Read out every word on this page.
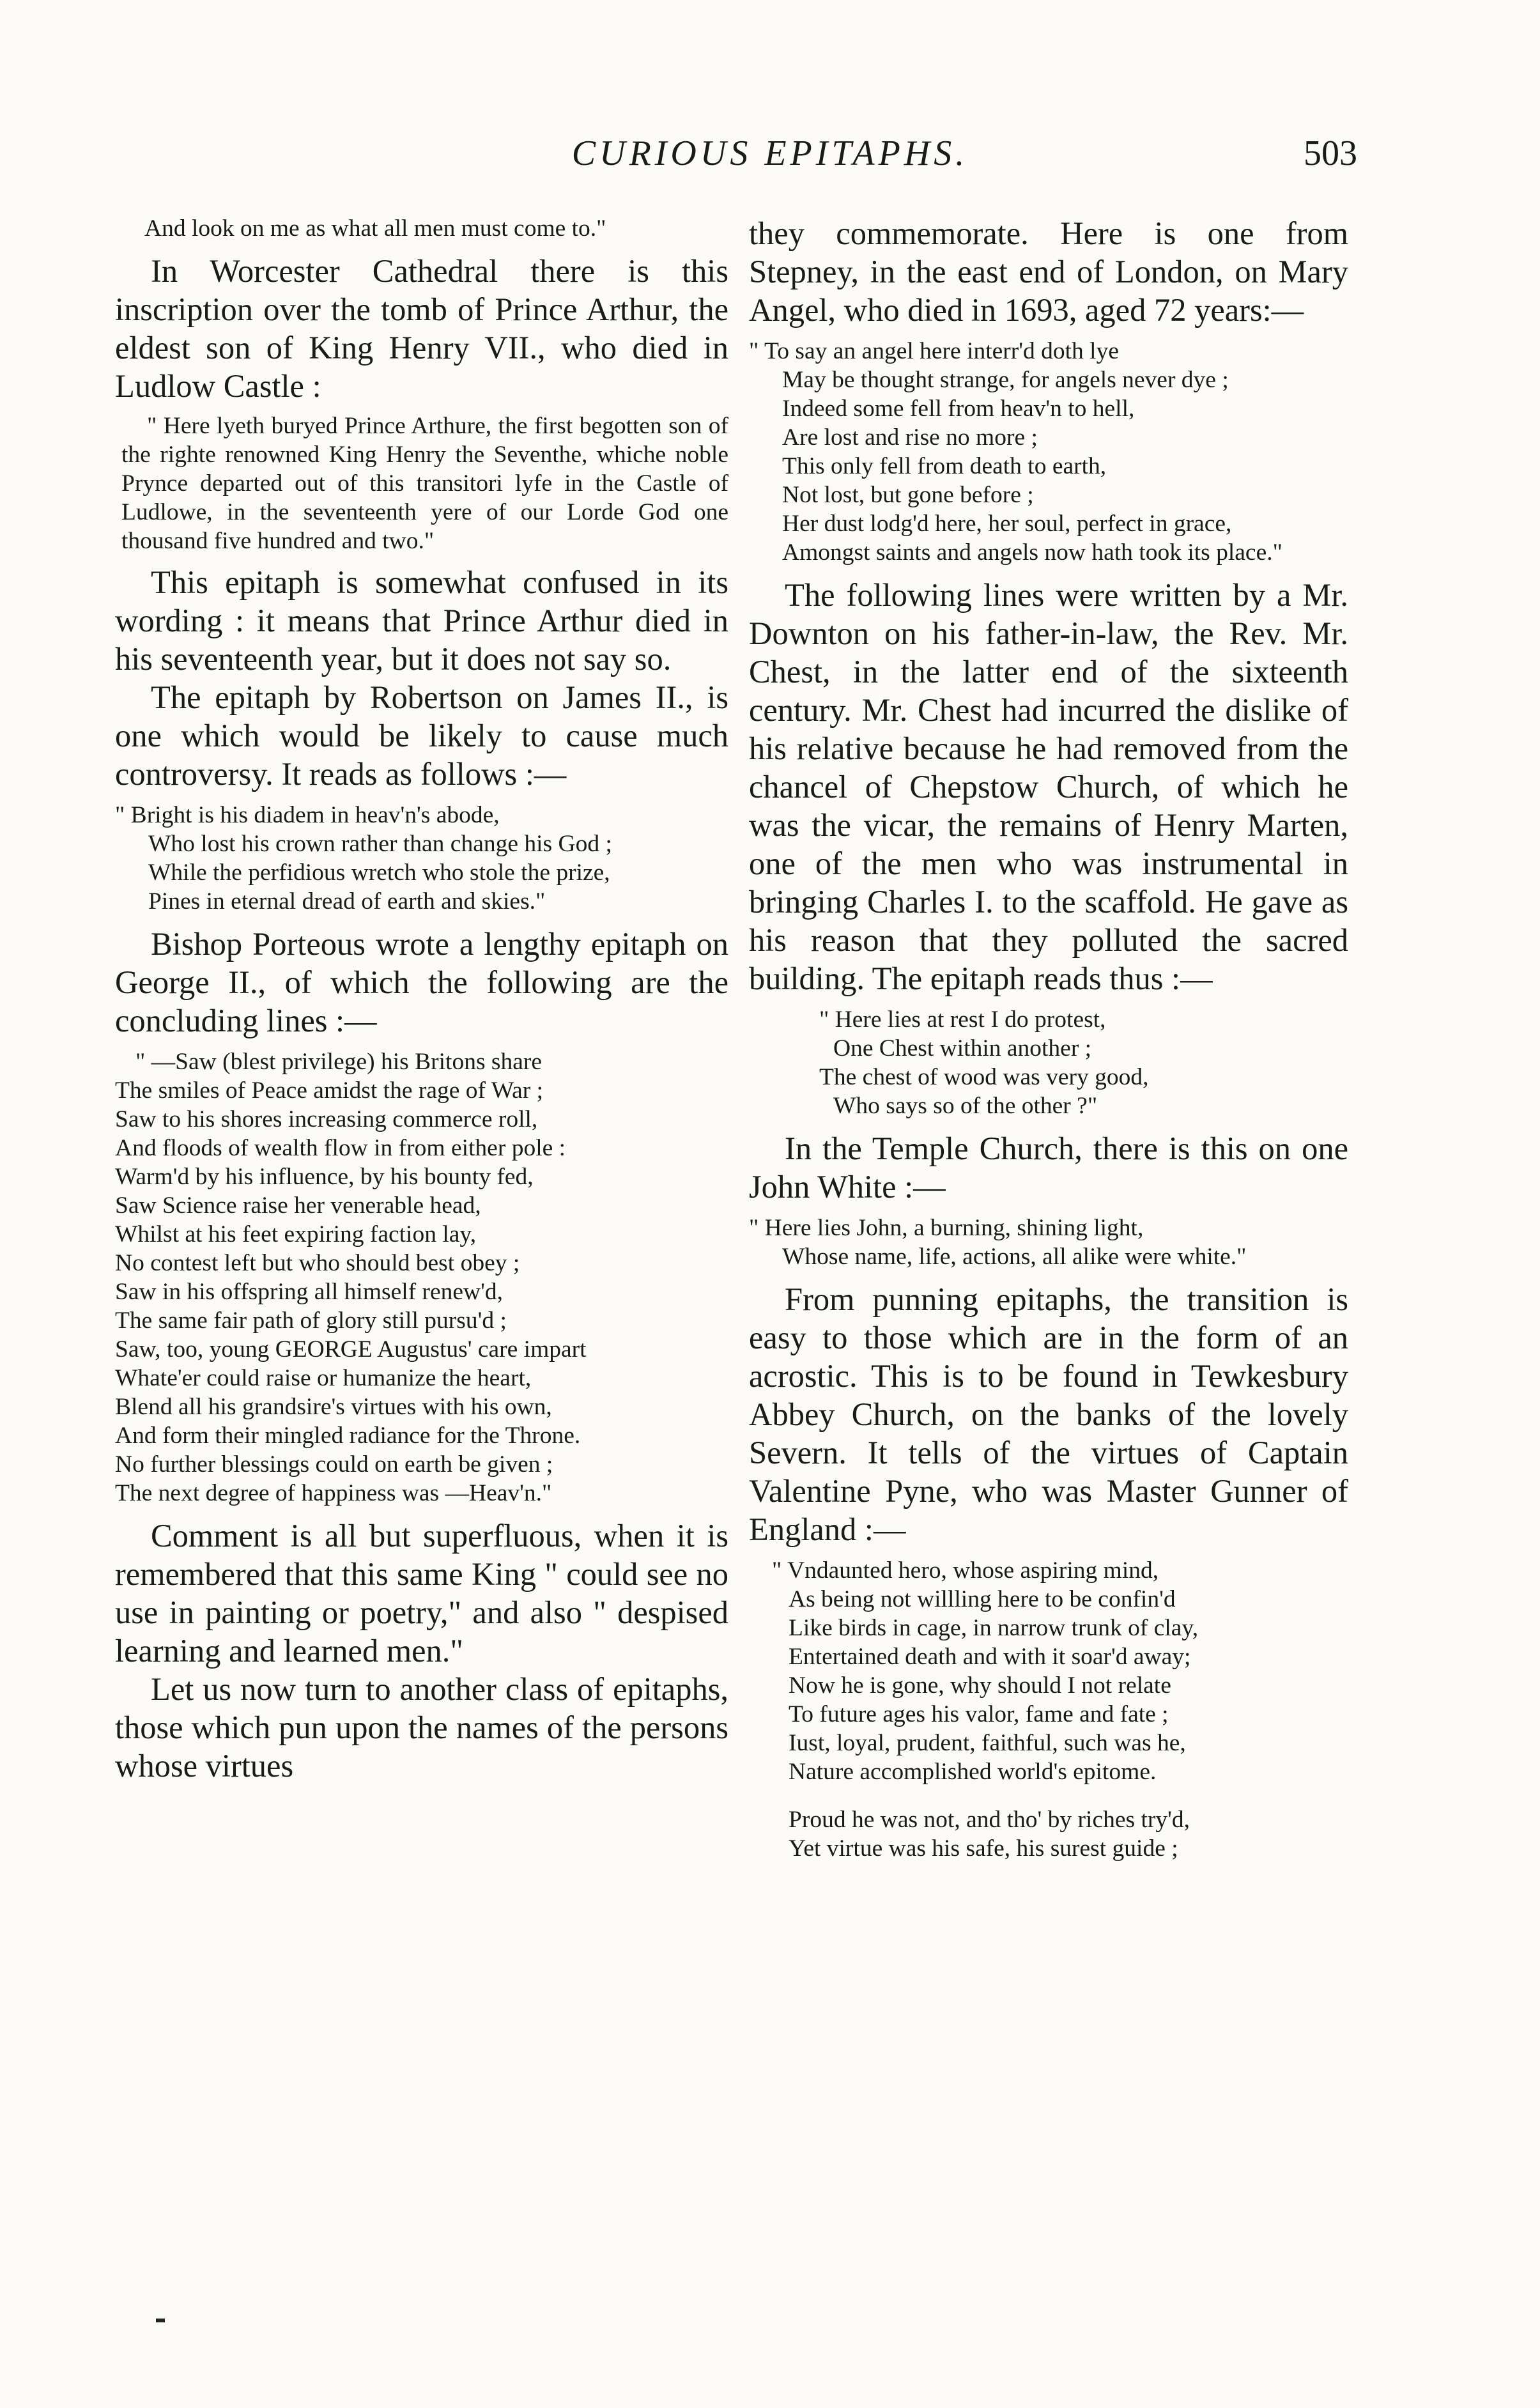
CURIOUS EPITAPHS.	503

And look on me as what all men must come to."

In Worcester Cathedral there is this inscription over the tomb of Prince Arthur, the eldest son of King Henry VII., who died in Ludlow Castle :

" Here lyeth buryed Prince Arthure, the first begotten son of the righte renowned King Henry the Seventhe, whiche noble Prynce departed out of this transitori lyfe in the Castle of Ludlowe, in the seventeenth yere of our Lorde God one thousand five hundred and two."

This epitaph is somewhat confused in its wording : it means that Prince Arthur died in his seventeenth year, but it does not say so.

The epitaph by Robertson on James II., is one which would be likely to cause much controversy. It reads as follows :—

" Bright is his diadem in heav'n's abode,
Who lost his crown rather than change his God ;
While the perfidious wretch who stole the prize,
Pines in eternal dread of earth and skies."

Bishop Porteous wrote a lengthy epitaph on George II., of which the following are the concluding lines :—

" —Saw (blest privilege) his Britons share
The smiles of Peace amidst the rage of War ;
Saw to his shores increasing commerce roll,
And floods of wealth flow in from either pole :
Warm'd by his influence, by his bounty fed,
Saw Science raise her venerable head,
Whilst at his feet expiring faction lay,
No contest left but who should best obey ;
Saw in his offspring all himself renew'd,
The same fair path of glory still pursu'd ;
Saw, too, young GEORGE Augustus' care impart
Whate'er could raise or humanize the heart,
Blend all his grandsire's virtues with his own,
And form their mingled radiance for the Throne.
No further blessings could on earth be given ;
The next degree of happiness was —Heav'n."

Comment is all but superfluous, when it is remembered that this same King " could see no use in painting or poetry," and also " despised learning and learned men."

Let us now turn to another class of epitaphs, those which pun upon the names of the persons whose virtues

they commemorate. Here is one from Stepney, in the east end of London, on Mary Angel, who died in 1693, aged 72 years:—

" To say an angel here interr'd doth lye
May be thought strange, for angels never dye ;
Indeed some fell from heav'n to hell,
Are lost and rise no more ;
This only fell from death to earth,
Not lost, but gone before ;
Her dust lodg'd here, her soul, perfect in grace,
Amongst saints and angels now hath took its place."

The following lines were written by a Mr. Downton on his father-in-law, the Rev. Mr. Chest, in the latter end of the sixteenth century. Mr. Chest had incurred the dislike of his relative because he had removed from the chancel of Chepstow Church, of which he was the vicar, the remains of Henry Marten, one of the men who was instrumental in bringing Charles I. to the scaffold. He gave as his reason that they polluted the sacred building. The epitaph reads thus :—

" Here lies at rest I do protest,
One Chest within another ;
The chest of wood was very good,
Who says so of the other ?"

In the Temple Church, there is this on one John White :—

" Here lies John, a burning, shining light,
Whose name, life, actions, all alike were white."

From punning epitaphs, the transition is easy to those which are in the form of an acrostic. This is to be found in Tewkesbury Abbey Church, on the banks of the lovely Severn. It tells of the virtues of Captain Valentine Pyne, who was Master Gunner of England :—

" Vndaunted hero, whose aspiring mind,
As being not willling here to be confin'd
Like birds in cage, in narrow trunk of clay,
Entertained death and with it soar'd away;
Now he is gone, why should I not relate
To future ages his valor, fame and fate ;
Iust, loyal, prudent, faithful, such was he,
Nature accomplished world's epitome.
Proud he was not, and tho' by riches try'd,
Yet virtue was his safe, his surest guide ;
